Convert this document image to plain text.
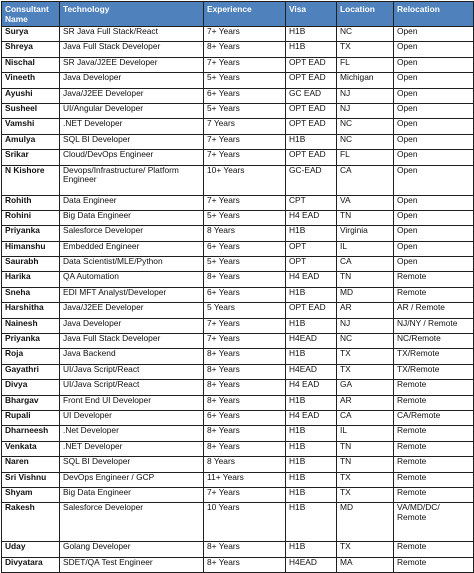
Consultant Name	Technology	Experience	Visa	Location	Relocation
Surya	SR Java Full Stack/React	7+ Years	H1B	NC	Open
Shreya	Java Full Stack Developer	8+ Years	H1B	TX	Open
Nischal	SR Java/J2EE Developer	7+ Years	OPT EAD	FL	Open
Vineeth	Java Developer	5+ Years	OPT EAD	Michigan	Open
Ayushi	Java/J2EE Developer	6+ Years	GC EAD	NJ	Open
Susheel	UI/Angular Developer	5+ Years	OPT EAD	NJ	Open
Vamshi	.NET Developer	7 Years	OPT EAD	NC	Open
Amulya	SQL BI Developer	7+ Years	H1B	NC	Open
Srikar	Cloud/DevOps Engineer	7+ Years	OPT EAD	FL	Open
N Kishore	Devops/Infrastructure/ Platform Engineer	10+ Years	GC-EAD	CA	Open
Rohith	Data Engineer	7+ Years	CPT	VA	Open
Rohini	Big Data Engineer	5+ Years	H4 EAD	TN	Open
Priyanka	Salesforce Developer	8 Years	H1B	Virginia	Open
Himanshu	Embedded Engineer	6+ Years	OPT	IL	Open
Saurabh	Data Scientist/MLE/Python	5+ Years	OPT	CA	Open
Harika	QA Automation	8+ Years	H4 EAD	TN	Remote
Sneha	EDI MFT Analyst/Developer	6+ Years	H1B	MD	Remote
Harshitha	Java/J2EE Developer	5 Years	OPT EAD	AR	AR / Remote
Nainesh	Java Developer	7+ Years	H1B	NJ	NJ/NY / Remote
Priyanka	Java Full Stack Developer	7+ Years	H4EAD	NC	NC/Remote
Roja	Java Backend	8+ Years	H1B	TX	TX/Remote
Gayathri	UI/Java Script/React	8+ Years	H4EAD	TX	TX/Remote
Divya	UI/Java Script/React	8+ Years	H4 EAD	GA	Remote
Bhargav	Front End UI Developer	8+ Years	H1B	AR	Remote
Rupali	UI Developer	6+ Years	H4 EAD	CA	CA/Remote
Dharneesh	.Net Developer	8+ Years	H1B	IL	Remote
Venkata	.NET Developer	8+ Years	H1B	TN	Remote
Naren	SQL BI Developer	8 Years	H1B	TN	Remote
Sri Vishnu	DevOps Engineer / GCP	11+ Years	H1B	TX	Remote
Shyam	Big Data Engineer	7+ Years	H1B	TX	Remote
Rakesh	Salesforce Developer	10 Years	H1B	MD	VA/MD/DC/ Remote
Uday	Golang Developer	8+ Years	H1B	TX	Remote
Divyatara	SDET/QA Test Engineer	8+ Years	H4EAD	MA	Remote
